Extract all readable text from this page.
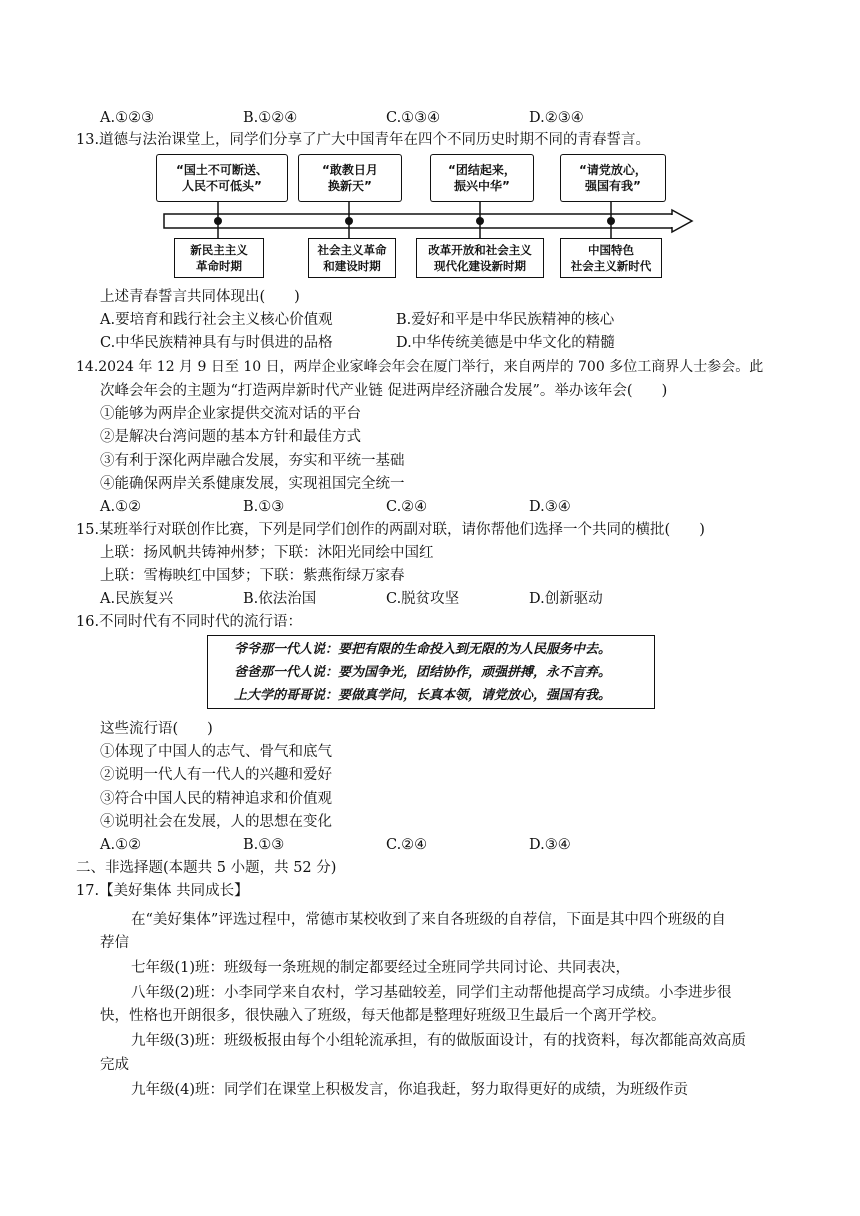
A.①②③	B.①②④	C.①③④	D.②③④
13.道德与法治课堂上，同学们分享了广大中国青年在四个不同历史时期不同的青春誓言。
“国土不可断送、
人民不可低头”
“敢教日月
换新天”
“团结起来，
振兴中华”
“请党放心，
强国有我”
新民主主义
革命时期
社会主义革命
和建设时期
改革开放和社会主义
现代化建设新时期
中国特色
社会主义新时代
上述青春誓言共同体现出(　　)
A.要培育和践行社会主义核心价值观	B.爱好和平是中华民族精神的核心
C.中华民族精神具有与时俱进的品格	D.中华传统美德是中华文化的精髓
14.2024 年 12 月 9 日至 10 日，两岸企业家峰会年会在厦门举行，来自两岸的 700 多位工商界人士参会。此
次峰会年会的主题为“打造两岸新时代产业链 促进两岸经济融合发展”。举办该年会(　　)
①能够为两岸企业家提供交流对话的平台
②是解决台湾问题的基本方针和最佳方式
③有利于深化两岸融合发展，夯实和平统一基础
④能确保两岸关系健康发展，实现祖国完全统一
A.①②	B.①③	C.②④	D.③④
15.某班举行对联创作比赛，下列是同学们创作的两副对联，请你帮他们选择一个共同的横批(　　)
上联：扬风帆共铸神州梦；下联：沐阳光同绘中国红
上联：雪梅映红中国梦；下联：紫燕衔绿万家春
A.民族复兴	B.依法治国	C.脱贫攻坚	D.创新驱动
16.不同时代有不同时代的流行语：
爷爷那一代人说：要把有限的生命投入到无限的为人民服务中去。
爸爸那一代人说：要为国争光，团结协作，顽强拼搏，永不言弃。
上大学的哥哥说：要做真学问，长真本领，请党放心，强国有我。
这些流行语(　　)
①体现了中国人的志气、骨气和底气
②说明一代人有一代人的兴趣和爱好
③符合中国人民的精神追求和价值观
④说明社会在发展，人的思想在变化
A.①②	B.①③	C.②④	D.③④
二、非选择题(本题共 5 小题，共 52 分)
17.【美好集体 共同成长】
在“美好集体”评选过程中，常德市某校收到了来自各班级的自荐信，下面是其中四个班级的自
荐信
七年级(1)班：班级每一条班规的制定都要经过全班同学共同讨论、共同表决，
八年级(2)班：小李同学来自农村，学习基础较差，同学们主动帮他提高学习成绩。小李进步很
快，性格也开朗很多，很快融入了班级，每天他都是整理好班级卫生最后一个离开学校。
九年级(3)班：班级板报由每个小组轮流承担，有的做版面设计，有的找资料，每次都能高效高质
完成
九年级(4)班：同学们在课堂上积极发言，你追我赶，努力取得更好的成绩，为班级作贡
